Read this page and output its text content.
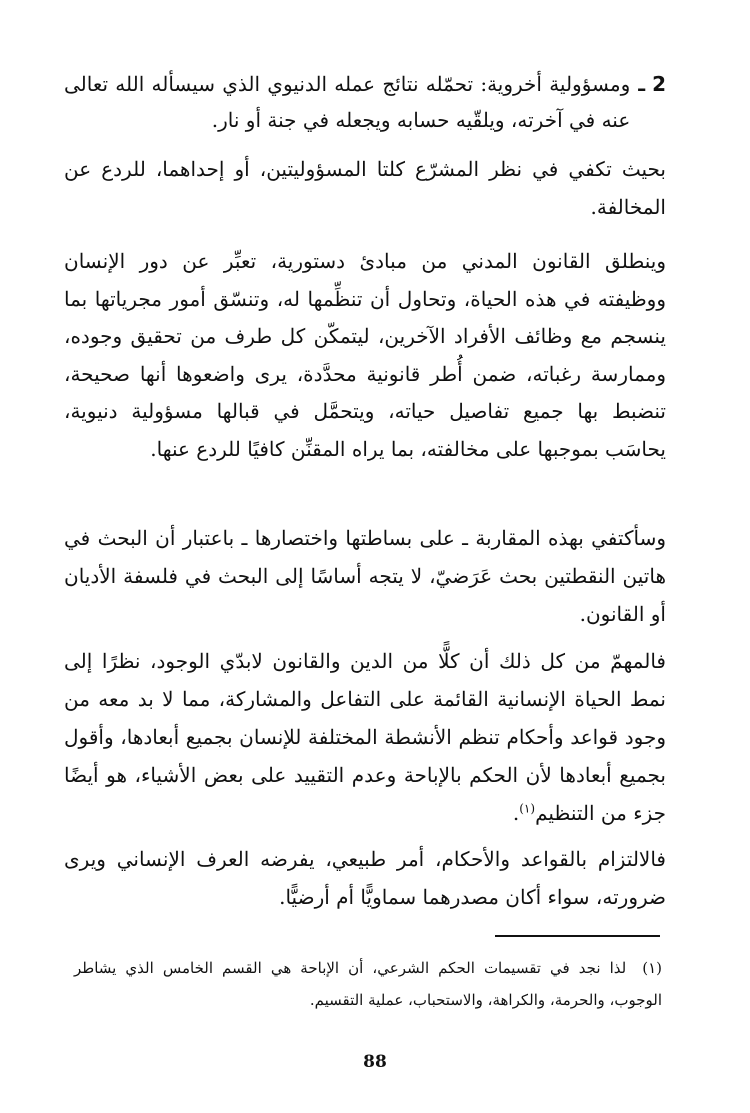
2 ـ
ومسؤولية أخروية: تحمّله نتائج عمله الدنيوي الذي سيسأله الله تعالى عنه في آخرته، ويلقّيه حسابه ويجعله في جنة أو نار.

بحيث تكفي في نظر المشرّع كلتا المسؤوليتين، أو إحداهما، للردع عن المخالفة.

وينطلق القانون المدني من مبادئ دستورية، تعبِّر عن دور الإنسان ووظيفته في هذه الحياة، وتحاول أن تنظِّمها له، وتنسّق أمور مجرياتها بما ينسجم مع وظائف الأفراد الآخرين، ليتمكّن كل طرف من تحقيق وجوده، وممارسة رغباته، ضمن أُطر قانونية محدَّدة، يرى واضعوها أنها صحيحة، تنضبط بها جميع تفاصيل حياته، ويتحمَّل في قبالها مسؤولية دنيوية، يحاسَب بموجبها على مخالفته، بما يراه المقنِّن كافيًا للردع عنها.

وسأكتفي بهذه المقاربة ـ على بساطتها واختصارها ـ باعتبار أن البحث في هاتين النقطتين بحث عَرَضيّ، لا يتجه أساسًا إلى البحث في فلسفة الأديان أو القانون.

فالمهمّ من كل ذلك أن كلًّا من الدين والقانون لابدّي الوجود، نظرًا إلى نمط الحياة الإنسانية القائمة على التفاعل والمشاركة، مما لا بد معه من وجود قواعد وأحكام تنظم الأنشطة المختلفة للإنسان بجميع أبعادها، وأقول بجميع أبعادها لأن الحكم بالإباحة وعدم التقييد على بعض الأشياء، هو أيضًا جزء من التنظيم$^{(١)}$.

فالالتزام بالقواعد والأحكام، أمر طبيعي، يفرضه العرف الإنساني ويرى ضرورته، سواء أكان مصدرهما سماويًّا أم أرضيًّا.

(١)لذا نجد في تقسيمات الحكم الشرعي، أن الإباحة هي القسم الخامس الذي يشاطر الوجوب، والحرمة، والكراهة، والاستحباب، عملية التقسيم.

88
